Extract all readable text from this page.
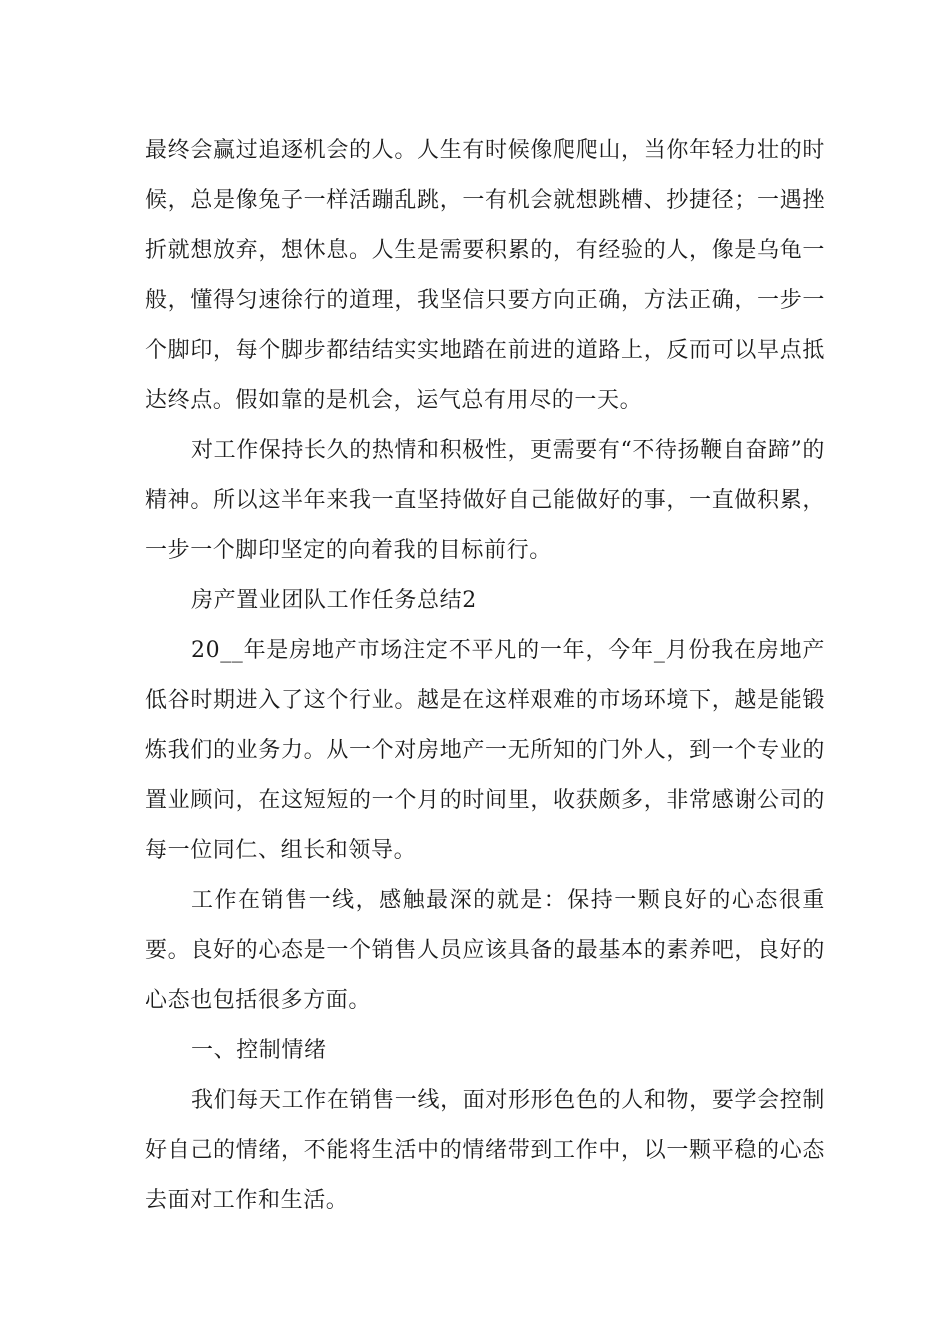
最终会赢过追逐机会的人。人生有时候像爬爬山，当你年轻力壮的时候，总是像兔子一样活蹦乱跳，一有机会就想跳槽、抄捷径；一遇挫折就想放弃，想休息。人生是需要积累的，有经验的人，像是乌龟一般，懂得匀速徐行的道理，我坚信只要方向正确，方法正确，一步一个脚印，每个脚步都结结实实地踏在前进的道路上，反而可以早点抵达终点。假如靠的是机会，运气总有用尽的一天。

对工作保持长久的热情和积极性，更需要有“不待扬鞭自奋蹄”的精神。所以这半年来我一直坚持做好自己能做好的事，一直做积累，一步一个脚印坚定的向着我的目标前行。

房产置业团队工作任务总结2

20__年是房地产市场注定不平凡的一年，今年_月份我在房地产低谷时期进入了这个行业。越是在这样艰难的市场环境下，越是能锻炼我们的业务力。从一个对房地产一无所知的门外人，到一个专业的置业顾问，在这短短的一个月的时间里，收获颇多，非常感谢公司的每一位同仁、组长和领导。

工作在销售一线，感触最深的就是：保持一颗良好的心态很重要。良好的心态是一个销售人员应该具备的最基本的素养吧，良好的心态也包括很多方面。

一、控制情绪

我们每天工作在销售一线，面对形形色色的人和物，要学会控制好自己的情绪，不能将生活中的情绪带到工作中，以一颗平稳的心态去面对工作和生活。
